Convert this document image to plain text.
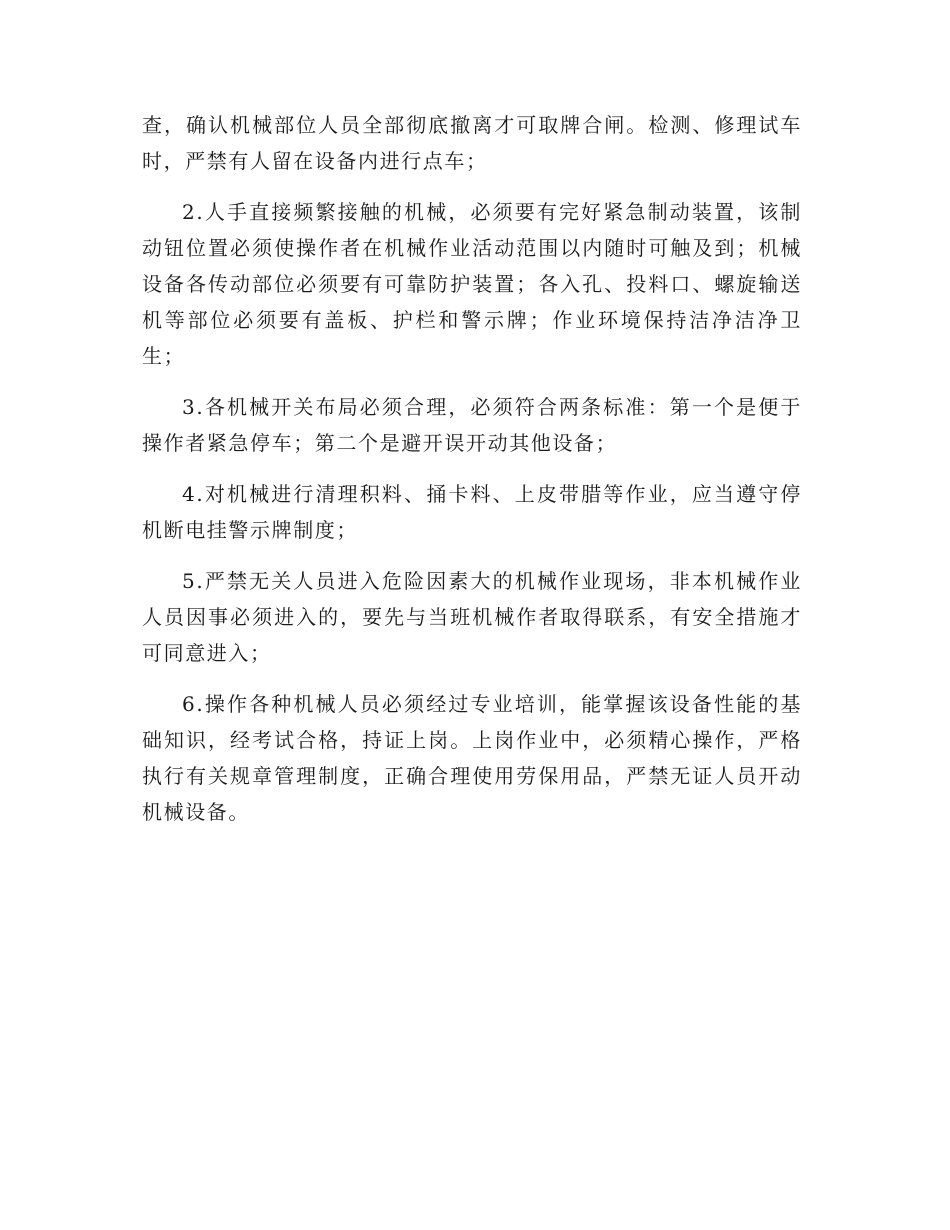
查，确认机械部位人员全部彻底撤离才可取牌合闸。检测、修理试车时，严禁有人留在设备内进行点车；

2.人手直接频繁接触的机械，必须要有完好紧急制动装置，该制动钮位置必须使操作者在机械作业活动范围以内随时可触及到；机械设备各传动部位必须要有可靠防护装置；各入孔、投料口、螺旋输送机等部位必须要有盖板、护栏和警示牌；作业环境保持洁净洁净卫生；

3.各机械开关布局必须合理，必须符合两条标准：第一个是便于操作者紧急停车；第二个是避开误开动其他设备；

4.对机械进行清理积料、捅卡料、上皮带腊等作业，应当遵守停机断电挂警示牌制度；

5.严禁无关人员进入危险因素大的机械作业现场，非本机械作业人员因事必须进入的，要先与当班机械作者取得联系，有安全措施才可同意进入；

6.操作各种机械人员必须经过专业培训，能掌握该设备性能的基础知识，经考试合格，持证上岗。上岗作业中，必须精心操作，严格执行有关规章管理制度，正确合理使用劳保用品，严禁无证人员开动机械设备。
